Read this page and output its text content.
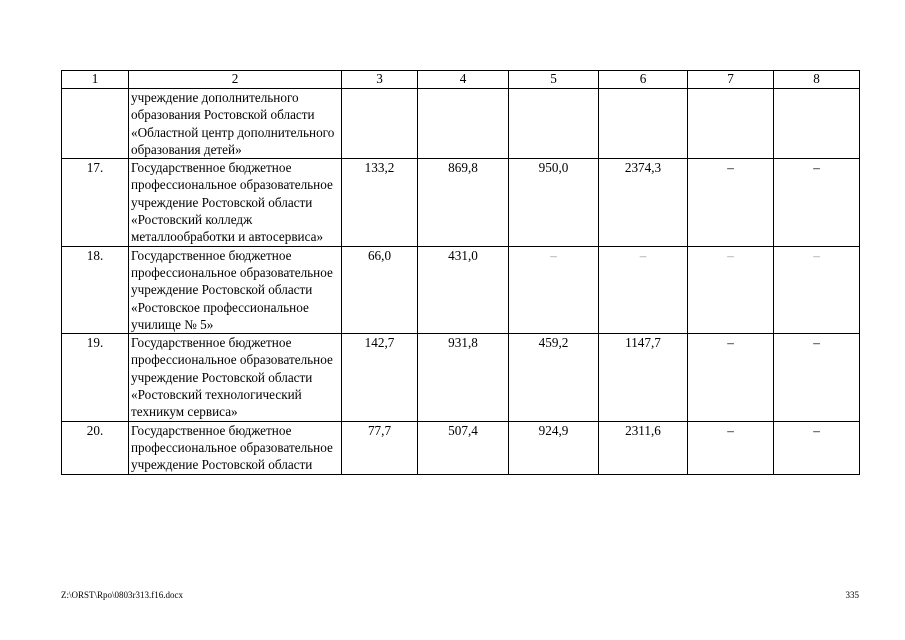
1	2	3	4	5	6	7	8
	учреждение дополнительного образования Ростовской области «Областной центр дополнительного образования детей»						
17.	Государственное бюджетное профессиональное образовательное учреждение Ростовской области «Ростовский колледж металлообработки и автосервиса»	133,2	869,8	950,0	2374,3	–	–
18.	Государственное бюджетное профессиональное образовательное учреждение Ростовской области «Ростовское профессиональное училище № 5»	66,0	431,0	–	–	–	–
19.	Государственное бюджетное профессиональное образовательное учреждение Ростовской области «Ростовский технологический техникум сервиса»	142,7	931,8	459,2	1147,7	–	–
20.	Государственное бюджетное профессиональное образовательное учреждение Ростовской области	77,7	507,4	924,9	2311,6	–	–
Z:\ORST\Rpo\0803r313.f16.docx	335
